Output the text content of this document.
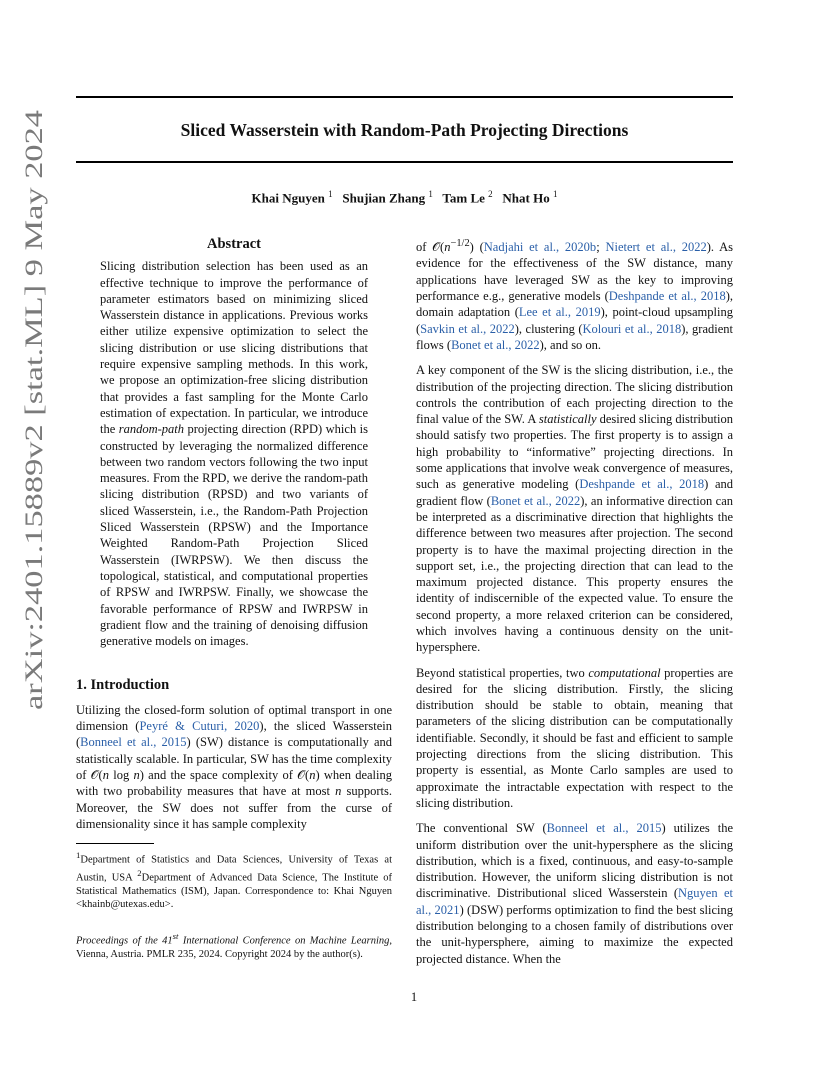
Sliced Wasserstein with Random-Path Projecting Directions
Khai Nguyen $^1$ Shujian Zhang $^1$ Tam Le $^2$ Nhat Ho $^1$
arXiv:2401.15889v2 [stat.ML] 9 May 2024
Abstract
Slicing distribution selection has been used as an effective technique to improve the performance of parameter estimators based on minimizing sliced Wasserstein distance in applications. Previous works either utilize expensive optimization to select the slicing distribution or use slicing distributions that require expensive sampling methods. In this work, we propose an optimization-free slicing distribution that provides a fast sampling for the Monte Carlo estimation of expectation. In particular, we introduce the random-path projecting direction (RPD) which is constructed by leveraging the normalized difference between two random vectors following the two input measures. From the RPD, we derive the random-path slicing distribution (RPSD) and two variants of sliced Wasserstein, i.e., the Random-Path Projection Sliced Wasserstein (RPSW) and the Importance Weighted Random-Path Projection Sliced Wasserstein (IWRPSW). We then discuss the topological, statistical, and computational properties of RPSW and IWRPSW. Finally, we showcase the favorable performance of RPSW and IWRPSW in gradient flow and the training of denoising diffusion generative models on images.
1. Introduction

Utilizing the closed-form solution of optimal transport in one dimension (Peyré & Cuturi, 2020), the sliced Wasserstein (Bonneel et al., 2015) (SW) distance is computationally and statistically scalable. In particular, SW has the time complexity of 𝒪(n log n) and the space complexity of 𝒪(n) when dealing with two probability measures that have at most n supports. Moreover, the SW does not suffer from the curse of dimensionality since it has sample complexity

$^1$Department of Statistics and Data Sciences, University of Texas at Austin, USA $^2$Department of Advanced Data Science, The Institute of Statistical Mathematics (ISM), Japan. Correspondence to: Khai Nguyen <khainb@utexas.edu>.

Proceedings of the 41st International Conference on Machine Learning, Vienna, Austria. PMLR 235, 2024. Copyright 2024 by the author(s).

of $𝒪(n^{-1/2})$ (Nadjahi et al., 2020b; Nietert et al., 2022). As evidence for the effectiveness of the SW distance, many applications have leveraged SW as the key to improving performance e.g., generative models (Deshpande et al., 2018), domain adaptation (Lee et al., 2019), point-cloud upsampling (Savkin et al., 2022), clustering (Kolouri et al., 2018), gradient flows (Bonet et al., 2022), and so on.

A key component of the SW is the slicing distribution, i.e., the distribution of the projecting direction. The slicing distribution controls the contribution of each projecting direction to the final value of the SW. A statistically desired slicing distribution should satisfy two properties. The first property is to assign a high probability to “informative” projecting directions. In some applications that involve weak convergence of measures, such as generative modeling (Deshpande et al., 2018) and gradient flow (Bonet et al., 2022), an informative direction can be interpreted as a discriminative direction that highlights the difference between two measures after projection. The second property is to have the maximal projecting direction in the support set, i.e., the projecting direction that can lead to the maximum projected distance. This property ensures the identity of indiscernible of the expected value. To ensure the second property, a more relaxed criterion can be considered, which involves having a continuous density on the unit-hypersphere.

Beyond statistical properties, two computational properties are desired for the slicing distribution. Firstly, the slicing distribution should be stable to obtain, meaning that parameters of the slicing distribution can be computationally identifiable. Secondly, it should be fast and efficient to sample projecting directions from the slicing distribution. This property is essential, as Monte Carlo samples are used to approximate the intractable expectation with respect to the slicing distribution.

The conventional SW (Bonneel et al., 2015) utilizes the uniform distribution over the unit-hypersphere as the slicing distribution, which is a fixed, continuous, and easy-to-sample distribution. However, the uniform slicing distribution is not discriminative. Distributional sliced Wasserstein (Nguyen et al., 2021) (DSW) performs optimization to find the best slicing distribution belonging to a chosen family of distributions over the unit-hypersphere, aiming to maximize the expected projected distance. When the

1
